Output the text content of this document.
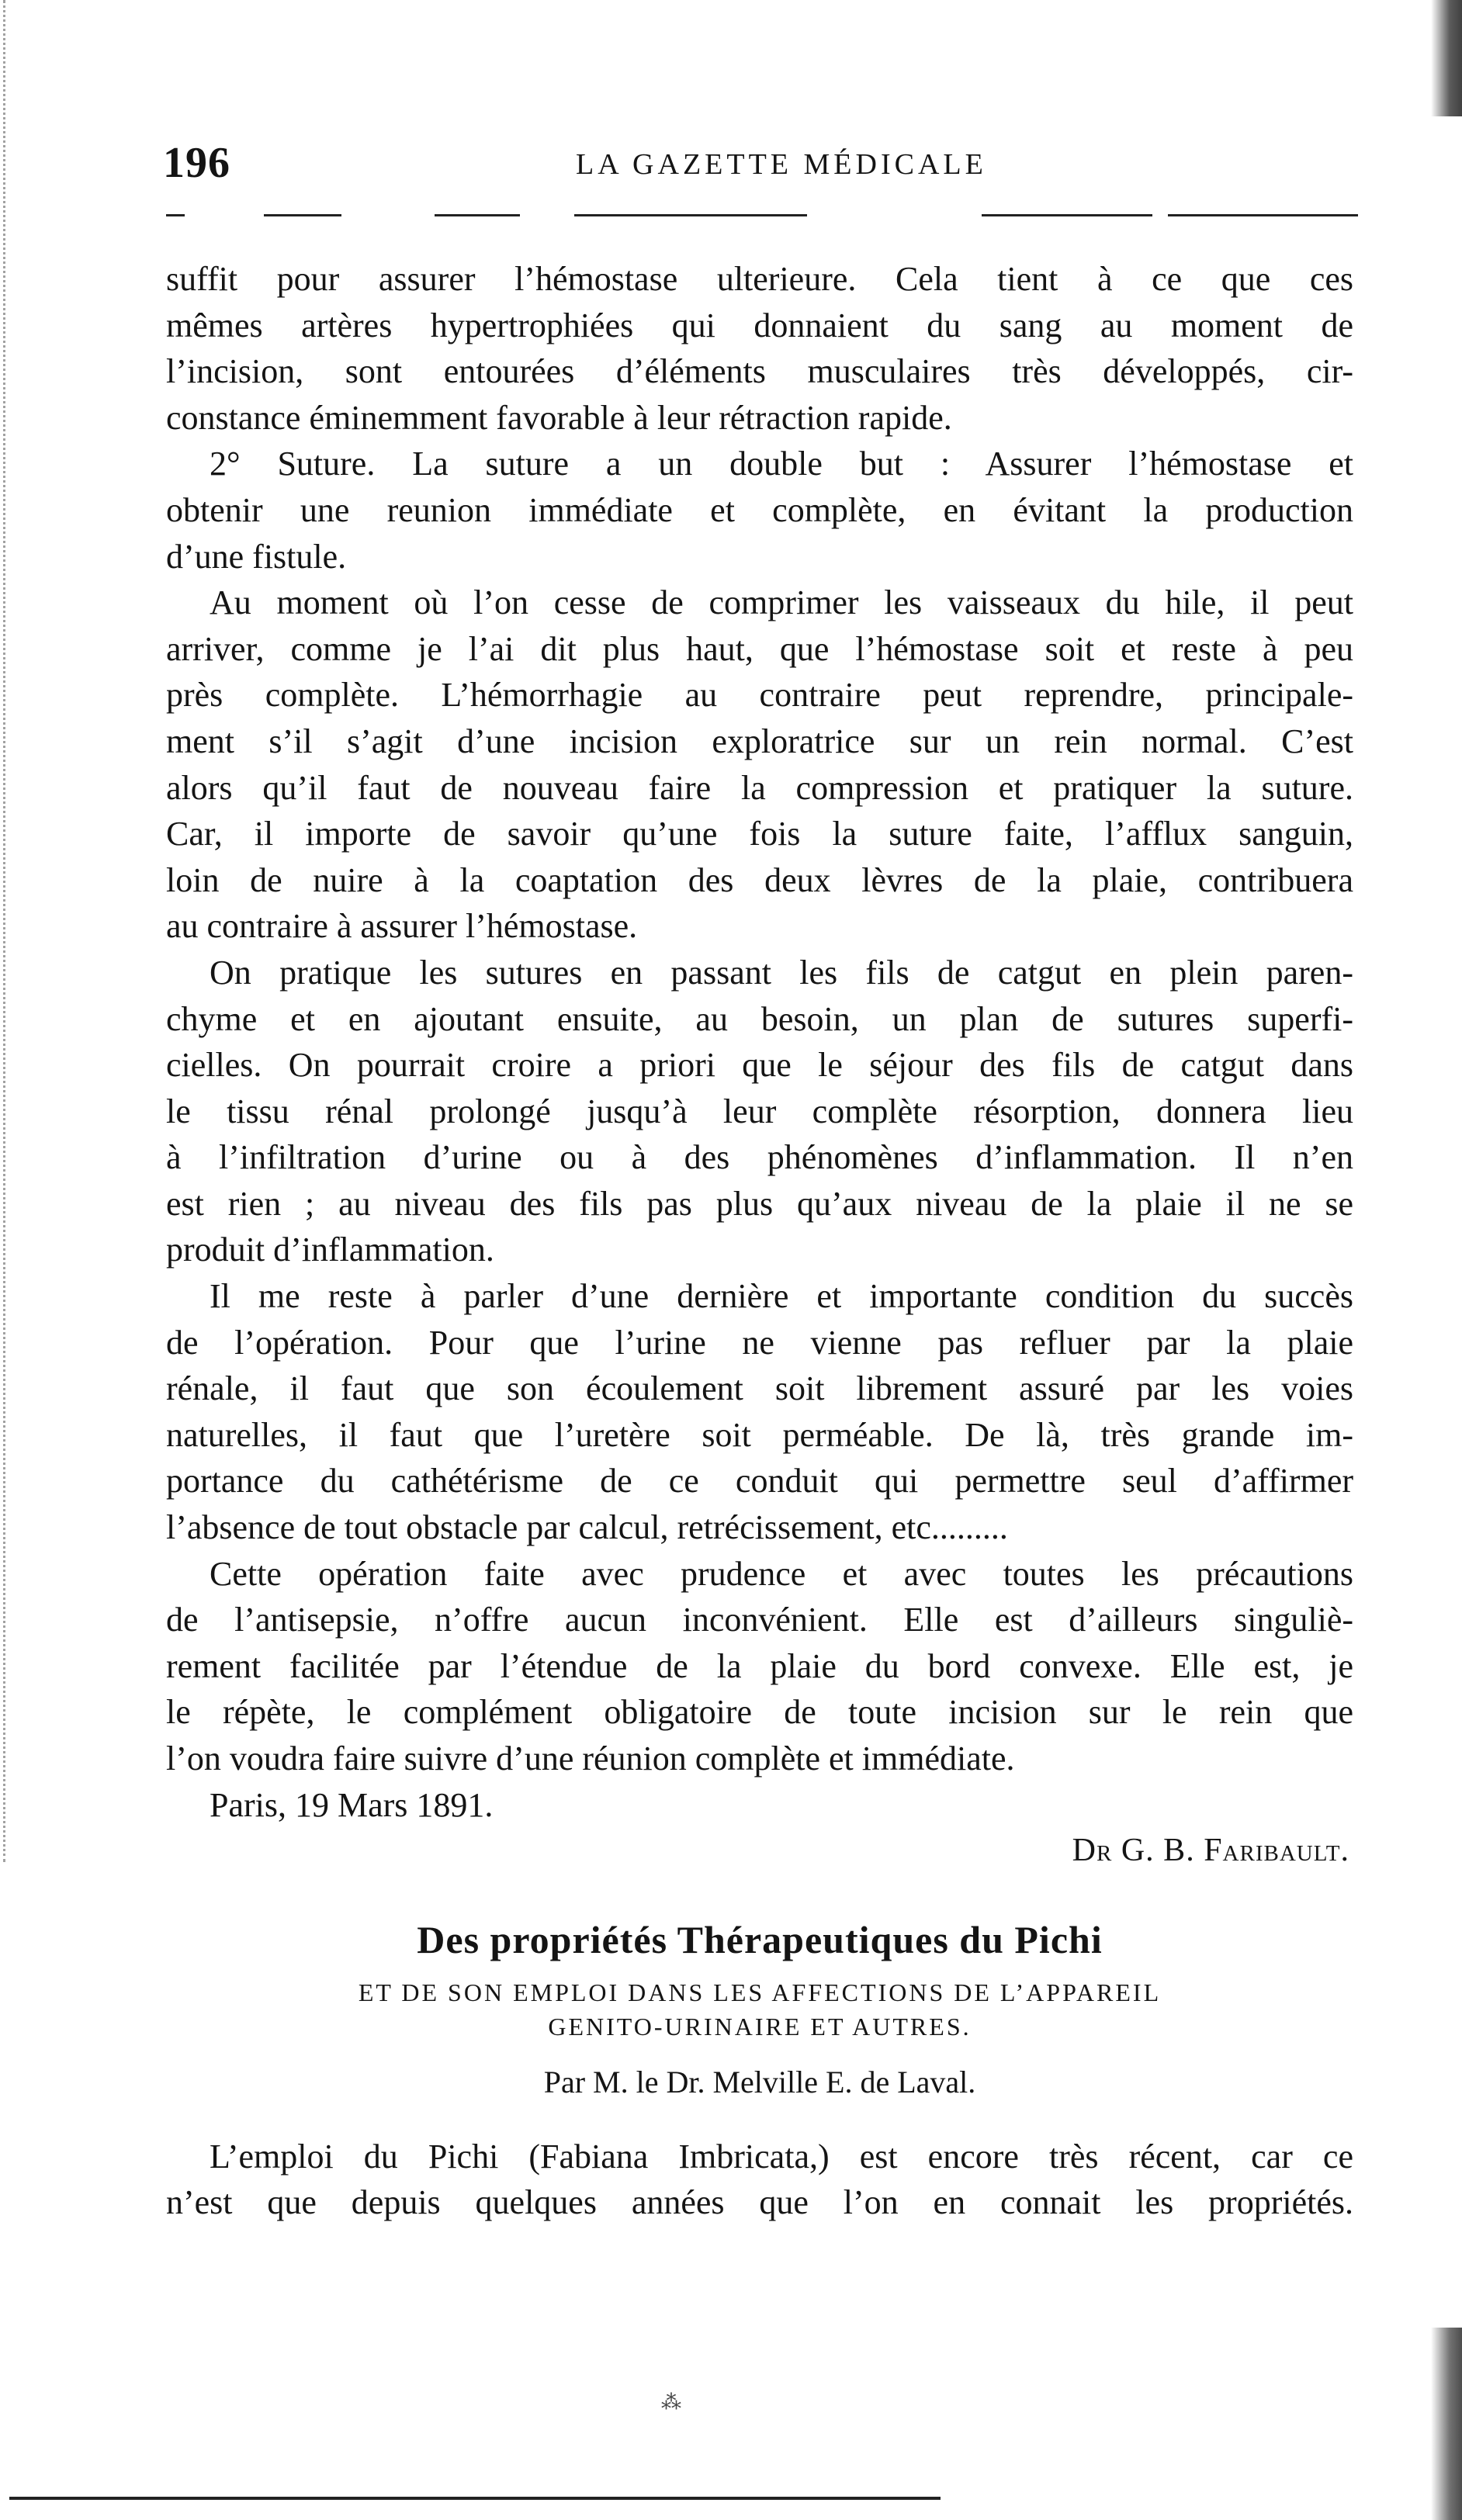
196	LA GAZETTE MÉDICALE
suffit pour assurer l’hémostase ulterieure. Cela tient à ce que ces
mêmes artères hypertrophiées qui donnaient du sang au moment de
l’incision, sont entourées d’éléments musculaires très développés, cir-
constance éminemment favorable à leur rétraction rapide.
2° Suture. La suture a un double but : Assurer l’hémostase et
obtenir une reunion immédiate et complète, en évitant la production
d’une fistule.
Au moment où l’on cesse de comprimer les vaisseaux du hile, il peut
arriver, comme je l’ai dit plus haut, que l’hémostase soit et reste à peu
près complète. L’hémorrhagie au contraire peut reprendre, principale-
ment s’il s’agit d’une incision exploratrice sur un rein normal. C’est
alors qu’il faut de nouveau faire la compression et pratiquer la suture.
Car, il importe de savoir qu’une fois la suture faite, l’afflux sanguin,
loin de nuire à la coaptation des deux lèvres de la plaie, contribuera
au contraire à assurer l’hémostase.
On pratique les sutures en passant les fils de catgut en plein paren-
chyme et en ajoutant ensuite, au besoin, un plan de sutures superfi-
cielles. On pourrait croire a priori que le séjour des fils de catgut dans
le tissu rénal prolongé jusqu’à leur complète résorption, donnera lieu
à l’infiltration d’urine ou à des phénomènes d’inflammation. Il n’en
est rien ; au niveau des fils pas plus qu’aux niveau de la plaie il ne se
produit d’inflammation.
Il me reste à parler d’une dernière et importante condition du succès
de l’opération. Pour que l’urine ne vienne pas refluer par la plaie
rénale, il faut que son écoulement soit librement assuré par les voies
naturelles, il faut que l’uretère soit perméable. De là, très grande im-
portance du cathétérisme de ce conduit qui permettre seul d’affirmer
l’absence de tout obstacle par calcul, retrécissement, etc.........
Cette opération faite avec prudence et avec toutes les précautions
de l’antisepsie, n’offre aucun inconvénient. Elle est d’ailleurs singuliè-
rement facilitée par l’étendue de la plaie du bord convexe. Elle est, je
le répète, le complément obligatoire de toute incision sur le rein que
l’on voudra faire suivre d’une réunion complète et immédiate.
Paris, 19 Mars 1891.
Dr G. B. Faribault.
Des propriétés Thérapeutiques du Pichi
ET DE SON EMPLOI DANS LES AFFECTIONS DE L’APPAREIL
GENITO-URINAIRE ET AUTRES.
Par M. le Dr. Melville E. de Laval.
L’emploi du Pichi (Fabiana Imbricata,) est encore très récent, car ce
n’est que depuis quelques années que l’on en connait les propriétés.
⁂
